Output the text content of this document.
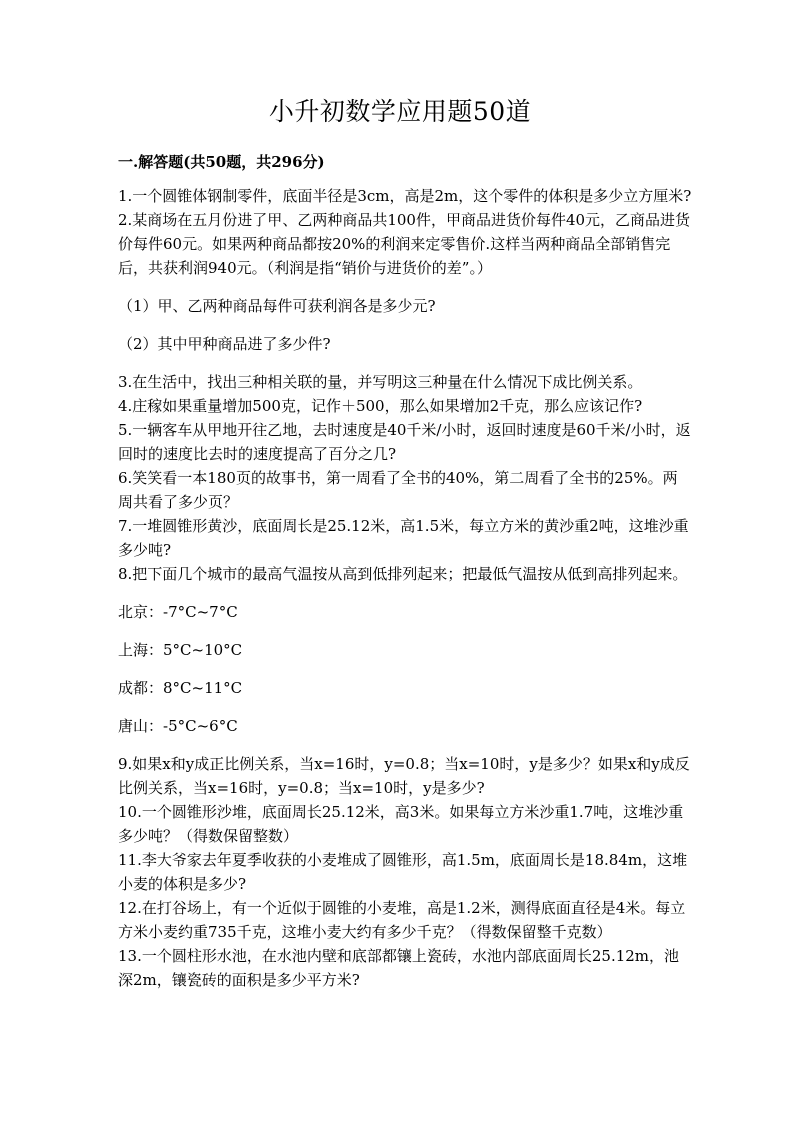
小升初数学应用题50道
一.解答题(共50题，共296分)

1.一个圆锥体钢制零件，底面半径是3cm，高是2m，这个零件的体积是多少立方厘米?

2.某商场在五月份进了甲、乙两种商品共100件，甲商品进货价每件40元，乙商品进货价每件60元。如果两种商品都按20%的利润来定零售价.这样当两种商品全部销售完后，共获利润940元。（利润是指“销价与进货价的差”。）

（1）甲、乙两种商品每件可获利润各是多少元?

（2）其中甲种商品进了多少件?

3.在生活中，找出三种相关联的量，并写明这三种量在什么情况下成比例关系。

4.庄稼如果重量增加500克，记作＋500，那么如果增加2千克，那么应该记作?

5.一辆客车从甲地开往乙地，去时速度是40千米/小时，返回时速度是60千米/小时，返回时的速度比去时的速度提高了百分之几?

6.笑笑看一本180页的故事书，第一周看了全书的40%，第二周看了全书的25%。两周共看了多少页？

7.一堆圆锥形黄沙，底面周长是25.12米，高1.5米，每立方米的黄沙重2吨，这堆沙重多少吨?

8.把下面几个城市的最高气温按从高到低排列起来；把最低气温按从低到高排列起来。

北京：-7°C~7°C

上海：5°C~10°C

成都：8°C~11°C

唐山：-5°C~6°C

9.如果x和y成正比例关系，当x=16时，y=0.8；当x=10时，y是多少？如果x和y成反比例关系，当x=16时，y=0.8；当x=10时，y是多少?

10.一个圆锥形沙堆，底面周长25.12米，高3米。如果每立方米沙重1.7吨，这堆沙重多少吨？（得数保留整数）

11.李大爷家去年夏季收获的小麦堆成了圆锥形，高1.5m，底面周长是18.84m，这堆小麦的体积是多少?

12.在打谷场上，有一个近似于圆锥的小麦堆，高是1.2米，测得底面直径是4米。每立方米小麦约重735千克，这堆小麦大约有多少千克？（得数保留整千克数）

13.一个圆柱形水池，在水池内壁和底部都镶上瓷砖，水池内部底面周长25.12m，池深2m，镶瓷砖的面积是多少平方米?
